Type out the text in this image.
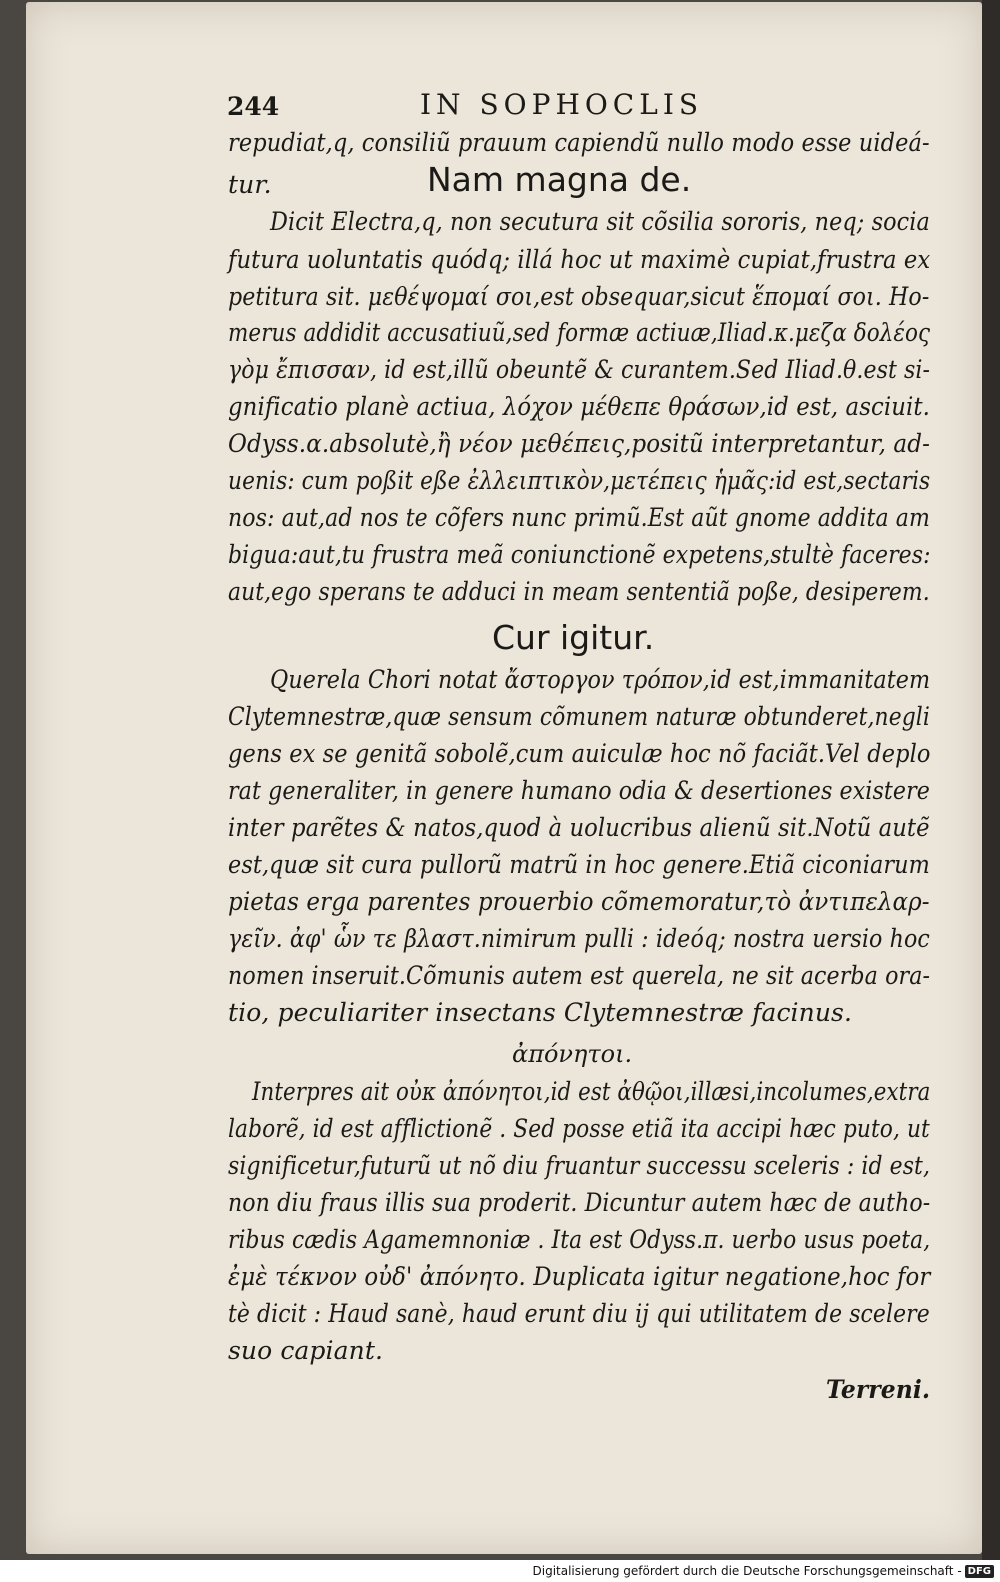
244	IN SOPHOCLIS
repudiat,q, consiliũ prauum capiendũ nullo modo esse uideá-
tur.	Nam magna de.
Dicit Electra,q, non secutura sit cõsilia sororis, neq; socia
futura uoluntatis quódq; illá hoc ut maximè cupiat,frustra ex
petitura sit. μεθέψομαί σοι,est obsequar,sicut ἕπομαί σοι. Ho-
merus addidit accusatiuũ,sed formæ actiuæ,Iliad.κ.μεζα δολέος
γὸμ ἔπισσαν, id est,illũ obeuntẽ & curantem.Sed Iliad.θ.est si-
gnificatio planè actiua, λόχον μέθεπε θράσων,id est, asciuit.
Odyss.α.absolutè,ἢ νέον μεθέπεις,positũ interpretantur, ad-
uenis: cum poßit eße ἐλλειπτικὸν,μετέπεις ἡμᾶς:id est,sectaris
nos: aut,ad nos te cõfers nunc primũ.Est aũt gnome addita am
bigua:aut,tu frustra meã coniunctionẽ expetens,stultè faceres:
aut,ego sperans te adduci in meam sententiã poße, desiperem.
Cur igitur.
Querela Chori notat ἄστοργον τρόπον,id est,immanitatem
Clytemnestræ,quæ sensum cõmunem naturæ obtunderet,negli
gens ex se genitã sobolẽ,cum auiculæ hoc nõ faciãt.Vel deplo
rat generaliter, in genere humano odia & desertiones existere
inter parẽtes & natos,quod à uolucribus alienũ sit.Notũ autẽ
est,quæ sit cura pullorũ matrũ in hoc genere.Etiã ciconiarum
pietas erga parentes prouerbio cõmemoratur,τὸ ἀντιπελαρ-
γεῖν. ἀφ' ὧν τε βλαστ.nimirum pulli : ideóq; nostra uersio hoc
nomen inseruit.Cõmunis autem est querela, ne sit acerba ora-
tio, peculiariter insectans Clytemnestræ facinus.
ἀπόνητοι.
Interpres ait οὐκ ἀπόνητοι,id est ἀθῷοι,illæsi,incolumes,extra
laborẽ, id est afflictionẽ . Sed posse etiã ita accipi hæc puto, ut
significetur,futurũ ut nõ diu fruantur successu sceleris : id est,
non diu fraus illis sua proderit. Dicuntur autem hæc de autho-
ribus cædis Agamemnoniæ . Ita est Odyss.π. uerbo usus poeta,
ἐμὲ τέκνον οὐδ' ἀπόνητο. Duplicata igitur negatione,hoc for
tè dicit : Haud sanè, haud erunt diu ij qui utilitatem de scelere
suo capiant.
Terreni.
Digitalisierung gefördert durch die Deutsche Forschungsgemeinschaft - DFG
